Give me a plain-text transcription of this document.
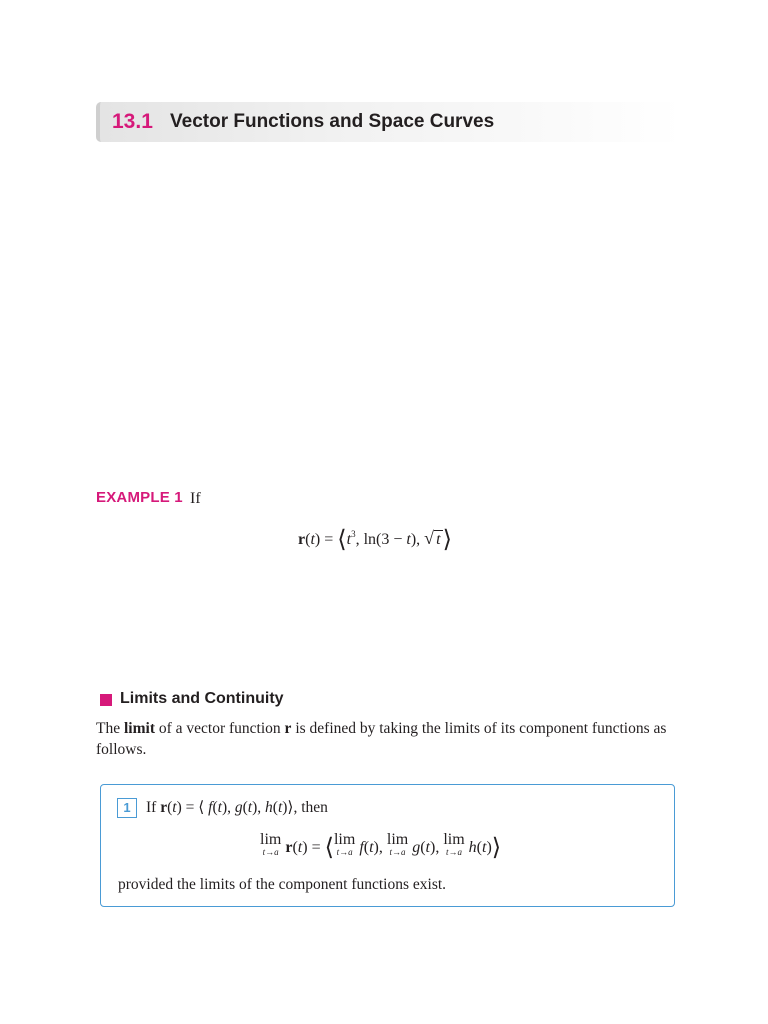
13.1 Vector Functions and Space Curves
EXAMPLE 1 If
$r(t) = ⟨t^3$, ln(3 − t), √ t⟩
Limits and Continuity
The limit of a vector function r is defined by taking the limits of its component functions as follows.
1 If r(t) = ⟨ f(t), g(t), h(t)⟩, then
lim
t→a r(t) = ⟨lim
t→a f(t), lim
t→a g(t), lim
t→a h(t)⟩
provided the limits of the component functions exist.
